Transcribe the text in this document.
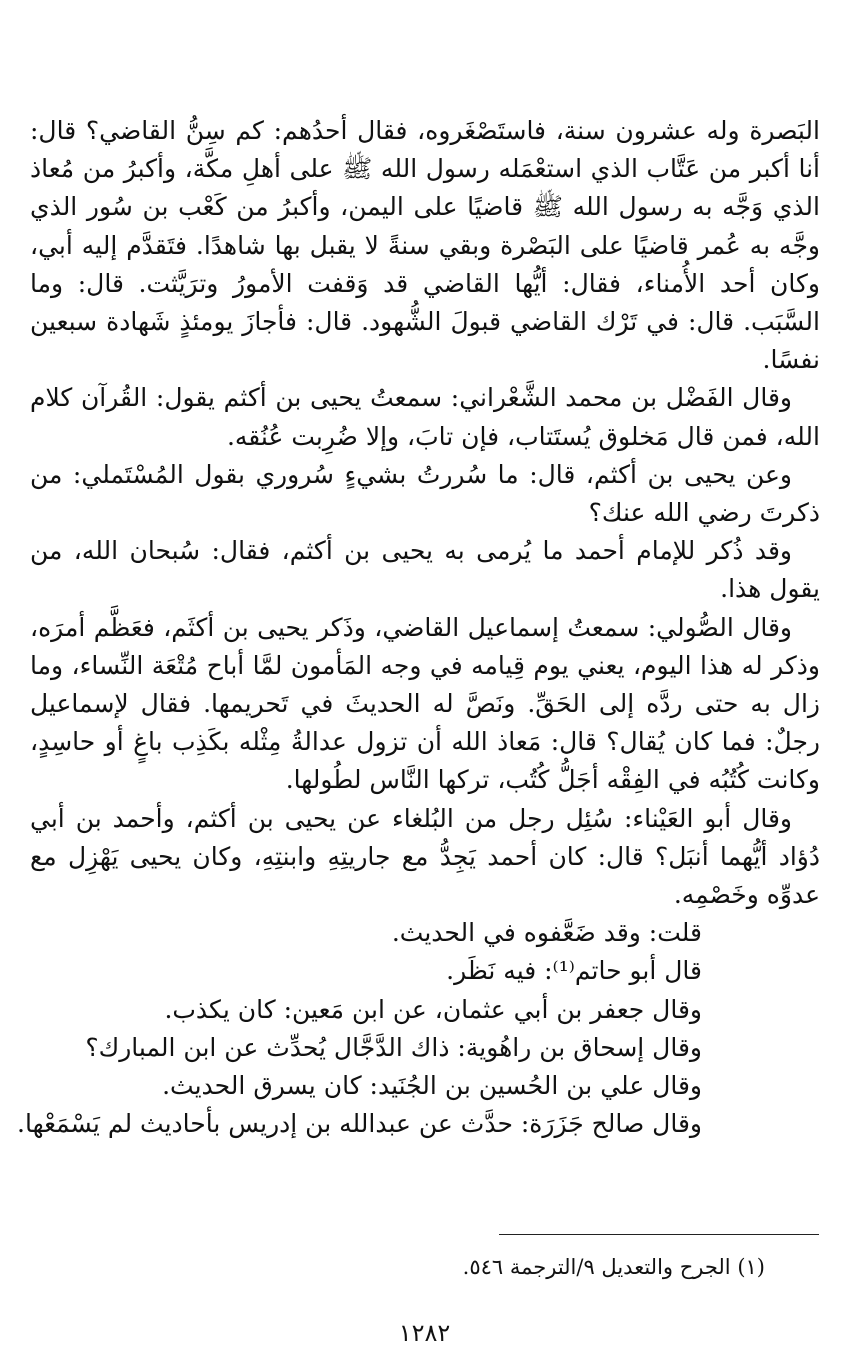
البَصرة وله عشرون سنة، فاستَصْغَروه، فقال أحدُهم: كم سِنُّ القاضي؟ قال: أنا أكبر من عَتَّاب الذي استعْمَله رسول الله ﷺ على أهلِ مكَّة، وأكبرُ من مُعاذ الذي وَجَّه به رسول الله ﷺ قاضيًا على اليمن، وأكبرُ من كَعْب بن سُور الذي وجَّه به عُمر قاضيًا على البَصْرة وبقي سنةً لا يقبل بها شاهدًا. فتَقدَّم إليه أبي، وكان أحد الأُمناء، فقال: أيُّها القاضي قد وَقفت الأمورُ وترَيَّثت. قال: وما السَّبَب. قال: في تَرْك القاضي قبولَ الشُّهود. قال: فأجازَ يومئذٍ شَهادة سبعين نفسًا.

وقال الفَضْل بن محمد الشَّعْراني: سمعتُ يحيى بن أكثم يقول: القُرآن كلام الله، فمن قال مَخلوق يُستَتاب، فإن تابَ، وإلا ضُرِبت عُنُقه.

وعن يحيى بن أكثم، قال: ما سُررتُ بشيءٍ سُروري بقول المُسْتَملي: من ذكرتَ رضي الله عنك؟

وقد ذُكر للإمام أحمد ما يُرمى به يحيى بن أكثم، فقال: سُبحان الله، من يقول هذا.

وقال الصُّولي: سمعتُ إسماعيل القاضي، وذَكر يحيى بن أكثَم، فعَظَّم أمرَه، وذكر له هذا اليوم، يعني يوم قِيامه في وجه المَأمون لمَّا أباح مُتْعَة النِّساء، وما زال به حتى ردَّه إلى الحَقِّ. ونَصَّ له الحديثَ في تَحريمها. فقال لإسماعيل رجلٌ: فما كان يُقال؟ قال: مَعاذ الله أن تزول عدالةُ مِثْله بكَذِب باغٍ أو حاسِدٍ، وكانت كُتُبُه في الفِقْه أجَلُّ كُتُب، تركها النَّاس لطُولها.

وقال أبو العَيْناء: سُئِل رجل من البُلغاء عن يحيى بن أكثم، وأحمد بن أبي دُؤاد أيُّهما أنبَل؟ قال: كان أحمد يَجِدُّ مع جاريتِهِ وابنتِهِ، وكان يحيى يَهْزِل مع عدوِّه وخَصْمِه.

قلت: وقد ضَعَّفوه في الحديث.

قال أبو حاتم⁽¹⁾: فيه نَظَر.

وقال جعفر بن أبي عثمان، عن ابن مَعين: كان يكذب.

وقال إسحاق بن راهُوية: ذاك الدَّجَّال يُحدِّث عن ابن المبارك؟

وقال علي بن الحُسين بن الجُنَيد: كان يسرق الحديث.

وقال صالح جَزَرَة: حدَّث عن عبدالله بن إدريس بأحاديث لم يَسْمَعْها.

(١) الجرح والتعديل ٩/الترجمة ٥٤٦.
١٢٨٢
